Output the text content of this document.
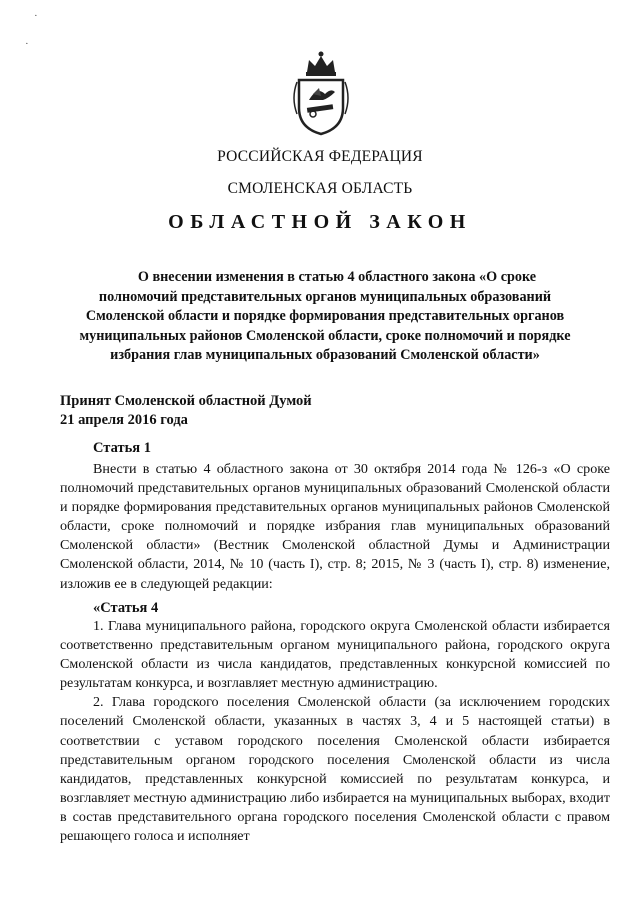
РОССИЙСКАЯ ФЕДЕРАЦИЯ
СМОЛЕНСКАЯ ОБЛАСТЬ
ОБЛАСТНОЙ ЗАКОН
О внесении изменения в статью 4 областного закона «О сроке
полномочий представительных органов муниципальных образований
Смоленской области и порядке формирования представительных органов
муниципальных районов Смоленской области, сроке полномочий и порядке
избрания глав муниципальных образований Смоленской области»
Принят Смоленской областной Думой
21 апреля 2016 года
Статья 1

Внести в статью 4 областного закона от 30 октября 2014 года № 126-з «О сроке полномочий представительных органов муниципальных образований Смоленской области и порядке формирования представительных органов муниципальных районов Смоленской области, сроке полномочий и порядке избрания глав муниципальных образований Смоленской области» (Вестник Смоленской областной Думы и Администрации Смоленской области, 2014, № 10 (часть I), стр. 8; 2015, № 3 (часть I), стр. 8) изменение, изложив ее в следующей редакции:

«Статья 4

1. Глава муниципального района, городского округа Смоленской области избирается соответственно представительным органом муниципального района, городского округа Смоленской области из числа кандидатов, представленных конкурсной комиссией по результатам конкурса, и возглавляет местную администрацию.

2. Глава городского поселения Смоленской области (за исключением городских поселений Смоленской области, указанных в частях 3, 4 и 5 настоящей статьи) в соответствии с уставом городского поселения Смоленской области избирается представительным органом городского поселения Смоленской области из числа кандидатов, представленных конкурсной комиссией по результатам конкурса, и возглавляет местную администрацию либо избирается на муниципальных выборах, входит в состав представительного органа городского поселения Смоленской области с правом решающего голоса и исполняет

·
·
